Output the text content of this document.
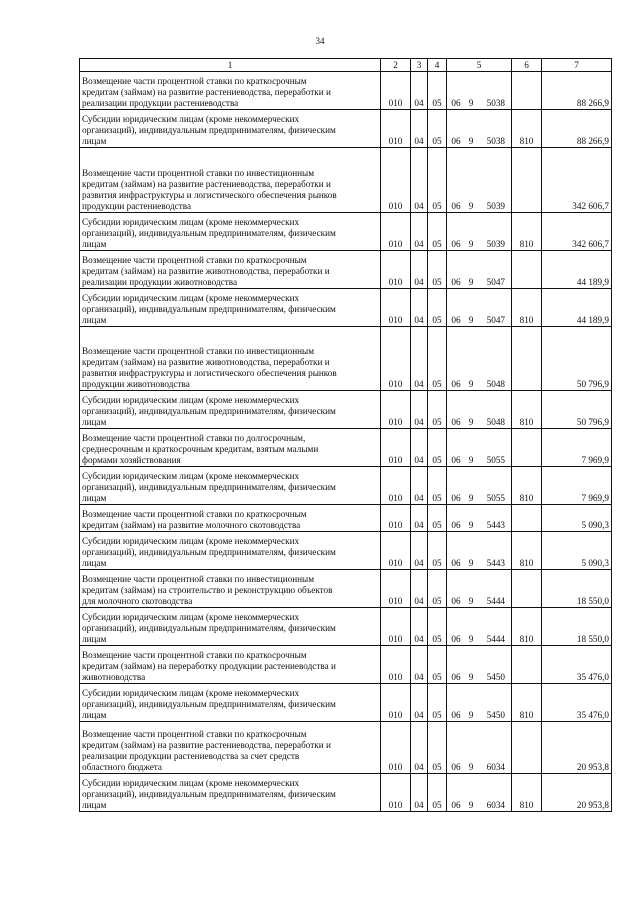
34
1	2	3	4	5	6	7

Возмещение части процентной ставки по краткосрочным
кредитам (займам) на развитие растениеводства, переработки и
реализации продукции растениеводства	010	04	05	06 9 5038		88 266,9

Субсидии юридическим лицам (кроме некоммерческих
организаций), индивидуальным предпринимателям, физическим
лицам	010	04	05	06 9 5038	810	88 266,9

Возмещение части процентной ставки по инвестиционным
кредитам (займам) на развитие растениеводства, переработки и
развития инфраструктуры и логистического обеспечения рынков
продукции растениеводства	010	04	05	06 9 5039		342 606,7

Субсидии юридическим лицам (кроме некоммерческих
организаций), индивидуальным предпринимателям, физическим
лицам	010	04	05	06 9 5039	810	342 606,7

Возмещение части процентной ставки по краткосрочным
кредитам (займам) на развитие животноводства, переработки и
реализации продукции животноводства	010	04	05	06 9 5047		44 189,9

Субсидии юридическим лицам (кроме некоммерческих
организаций), индивидуальным предпринимателям, физическим
лицам	010	04	05	06 9 5047	810	44 189,9

Возмещение части процентной ставки по инвестиционным
кредитам (займам) на развитие животноводства, переработки и
развития инфраструктуры и логистического обеспечения рынков
продукции животноводства	010	04	05	06 9 5048		50 796,9

Субсидии юридическим лицам (кроме некоммерческих
организаций), индивидуальным предпринимателям, физическим
лицам	010	04	05	06 9 5048	810	50 796,9

Возмещение части процентной ставки по долгосрочным,
среднесрочным и краткосрочным кредитам, взятым малыми
формами хозяйствования	010	04	05	06 9 5055		7 969,9

Субсидии юридическим лицам (кроме некоммерческих
организаций), индивидуальным предпринимателям, физическим
лицам	010	04	05	06 9 5055	810	7 969,9

Возмещение части процентной ставки по краткосрочным
кредитам (займам) на развитие молочного скотоводства	010	04	05	06 9 5443		5 090,3

Субсидии юридическим лицам (кроме некоммерческих
организаций), индивидуальным предпринимателям, физическим
лицам	010	04	05	06 9 5443	810	5 090,3

Возмещение части процентной ставки по инвестиционным
кредитам (займам) на строительство и реконструкцию объектов
для молочного скотоводства	010	04	05	06 9 5444		18 550,0

Субсидии юридическим лицам (кроме некоммерческих
организаций), индивидуальным предпринимателям, физическим
лицам	010	04	05	06 9 5444	810	18 550,0

Возмещение части процентной ставки по краткосрочным
кредитам (займам) на переработку продукции растениеводства и
животноводства	010	04	05	06 9 5450		35 476,0

Субсидии юридическим лицам (кроме некоммерческих
организаций), индивидуальным предпринимателям, физическим
лицам	010	04	05	06 9 5450	810	35 476,0

Возмещение части процентной ставки по краткосрочным
кредитам (займам) на развитие растениеводства, переработки и
реализации продукции растениеводства за счет средств
областного бюджета	010	04	05	06 9 6034		20 953,8

Субсидии юридическим лицам (кроме некоммерческих
организаций), индивидуальным предпринимателям, физическим
лицам	010	04	05	06 9 6034	810	20 953,8
